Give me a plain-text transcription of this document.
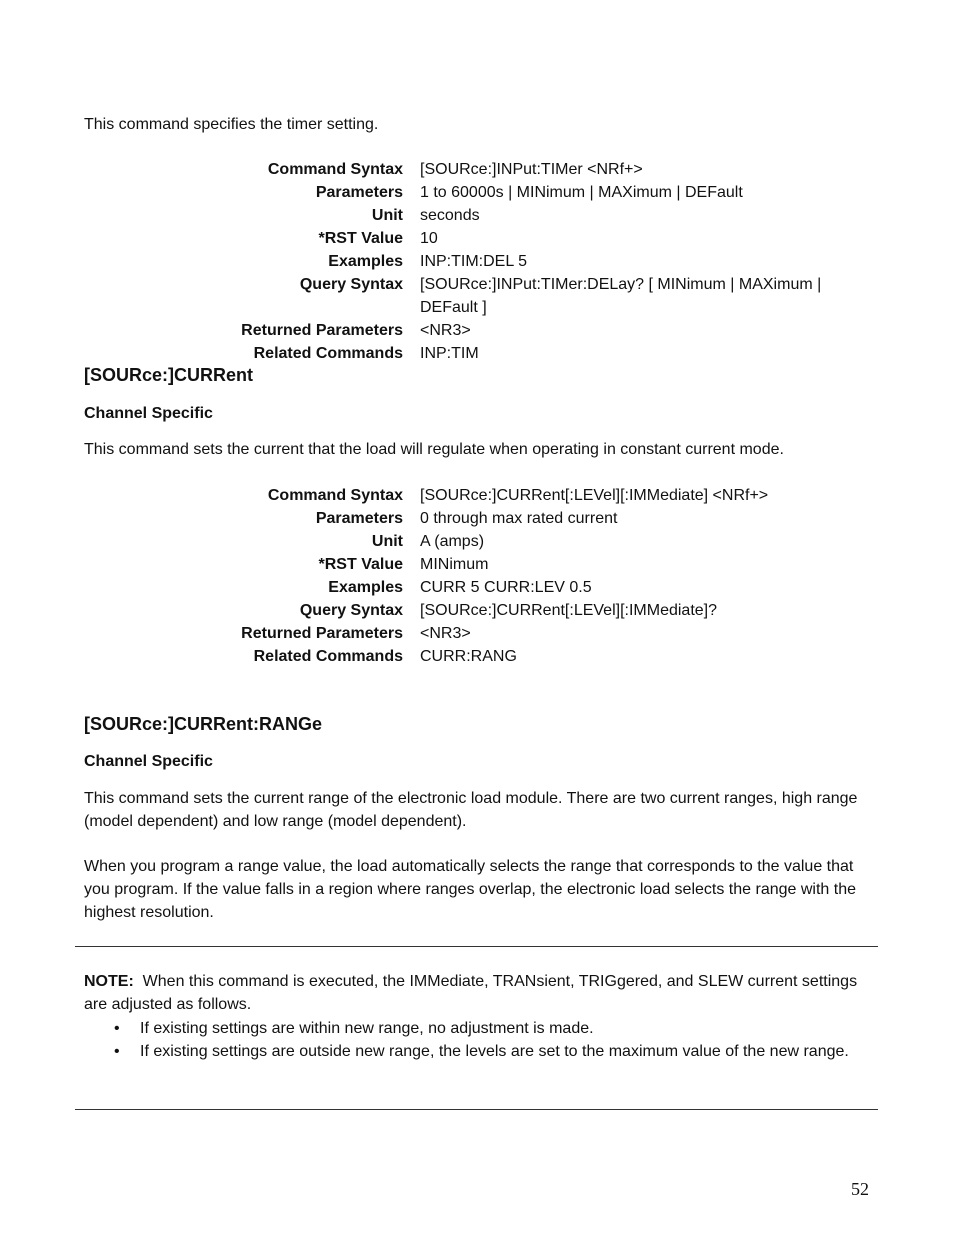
This command specifies the timer setting.
Command Syntax	[SOURce:]INPut:TIMer <NRf+>
Parameters	1 to 60000s | MINimum | MAXimum | DEFault
Unit	seconds
*RST Value	10
Examples	INP:TIM:DEL 5
Query Syntax	[SOURce:]INPut:TIMer:DELay? [ MINimum | MAXimum | DEFault ]
Returned Parameters	<NR3>
Related Commands	INP:TIM
[SOURce:]CURRent
Channel Specific
This command sets the current that the load will regulate when operating in constant current mode.
Command Syntax	[SOURce:]CURRent[:LEVel][:IMMediate] <NRf+>
Parameters	0 through max rated current
Unit	A (amps)
*RST Value	MINimum
Examples	CURR 5 CURR:LEV 0.5
Query Syntax	[SOURce:]CURRent[:LEVel][:IMMediate]?
Returned Parameters	<NR3>
Related Commands	CURR:RANG
[SOURce:]CURRent:RANGe
Channel Specific
This command sets the current range of the electronic load module. There are two current ranges, high range (model dependent) and low range (model dependent).
When you program a range value, the load automatically selects the range that corresponds to the value that you program. If the value falls in a region where ranges overlap, the electronic load selects the range with the highest resolution.
NOTE: When this command is executed, the IMMediate, TRANsient, TRIGgered, and SLEW current settings are adjusted as follows.
• If existing settings are within new range, no adjustment is made.
• If existing settings are outside new range, the levels are set to the maximum value of the new range.
52
